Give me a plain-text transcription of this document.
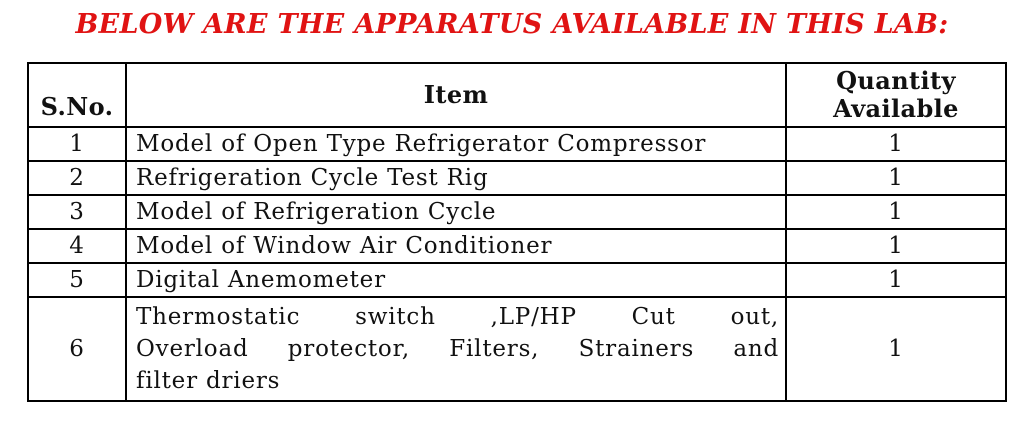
BELOW ARE THE APPARATUS AVAILABLE IN THIS LAB:
S.No.	Item	Quantity Available
1	Model of Open Type Refrigerator Compressor	1
2	Refrigeration Cycle Test Rig	1
3	Model of Refrigeration Cycle	1
4	Model of Window Air Conditioner	1
5	Digital Anemometer	1
6	Thermostatic switch ,LP/HP Cut out,
Overload protector, Filters, Strainers and
filter driers	1
